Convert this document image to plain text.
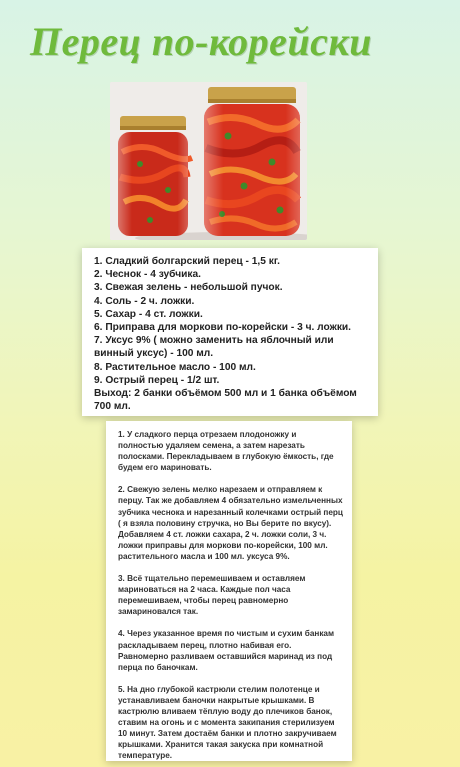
Перец по-корейски
1. Сладкий болгарский перец - 1,5 кг.
2. Чеснок - 4 зубчика.
3. Свежая зелень - небольшой пучок.
4. Соль - 2 ч. ложки.
5. Сахар - 4 ст. ложки.
6. Приправа для моркови по-корейски - 3 ч. ложки.
7. Уксус 9% ( можно заменить на яблочный или
винный уксус) - 100 мл.
8. Растительное масло - 100 мл.
9. Острый перец - 1/2 шт.
Выход: 2 банки объёмом 500 мл и 1 банка объёмом
700 мл.

1. У сладкого перца отрезаем плодоножку и полностью удаляем семена, а затем нарезать полосками. Перекладываем в глубокую ёмкость, где будем его мариновать.

2. Свежую зелень мелко нарезаем и отправляем к перцу. Так же добавляем 4 обязательно измельченных зубчика чеснока и нарезанный колечками острый перц ( я взяла половину стручка, но Вы берите по вкусу). Добавляем 4 ст. ложки сахара, 2 ч. ложки соли, 3 ч. ложки приправы для моркови по-корейски, 100 мл. растительного масла и 100 мл. уксуса 9%.

3. Всё тщательно перемешиваем и оставляем мариноваться на 2 часа. Каждые пол часа перемешиваем, чтобы перец равномерно замариновался так.

4. Через указанное время по чистым и сухим банкам раскладываем перец, плотно набивая его. Равномерно разливаем оставшийся маринад из под перца по баночкам.

5. На дно глубокой кастрюли стелим полотенце и устанавливаем баночки накрытые крышками. В кастрюлю вливаем тёплую воду до плечиков банок, ставим на огонь и с момента закипания стерилизуем 10 минут. Затем достаём банки и плотно закручиваем крышками. Хранится такая закуска при комнатной температуре.
